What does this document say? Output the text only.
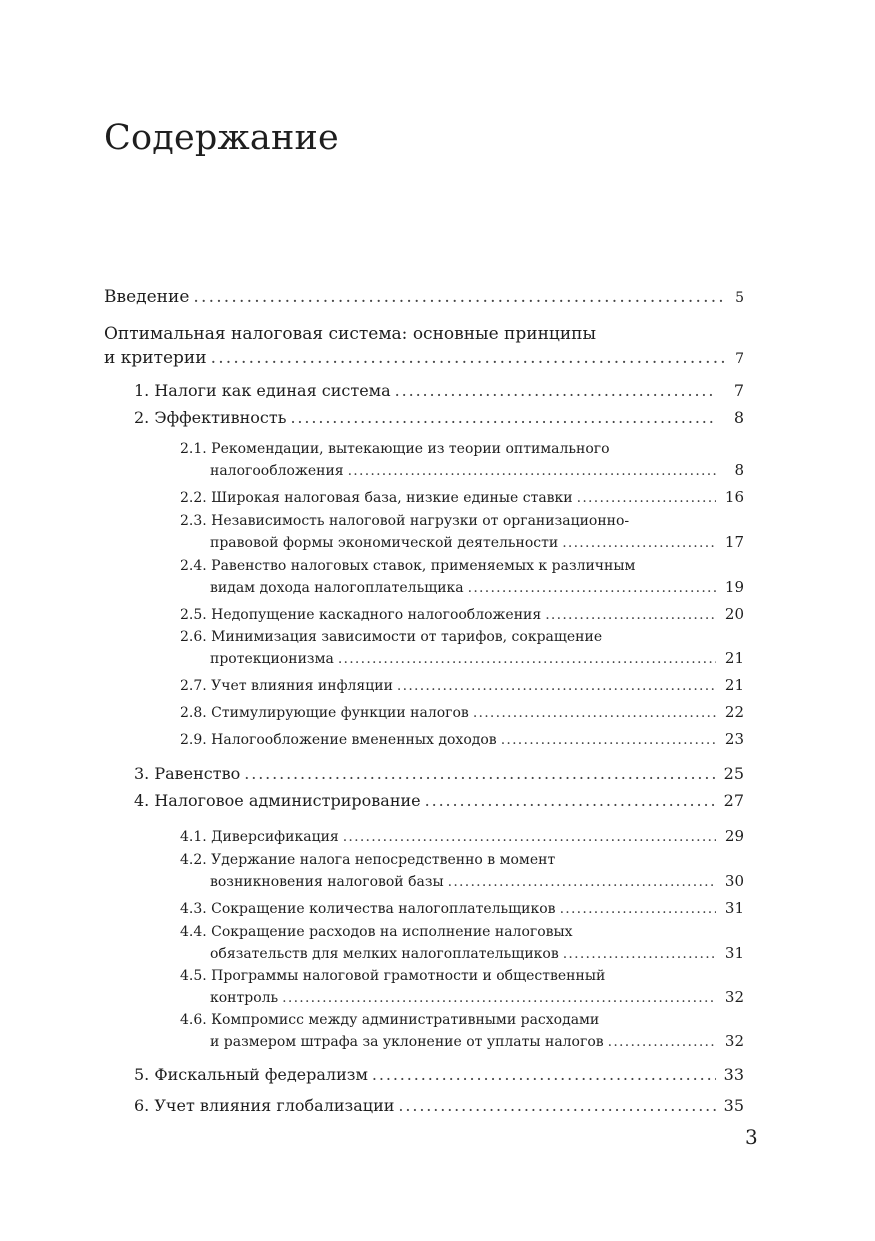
Содержание
Введение . . .	5
Оптимальная налоговая система: основные принципы
и критерии . . .	7
1. Налоги как единая система . . .	7
2. Эффективность . . .	8
2.1. Рекомендации, вытекающие из теории оптимального
налогообложения . . .	8
2.2. Широкая налоговая база, низкие единые ставки . . .	16
2.3. Независимость налоговой нагрузки от организационно-
правовой формы экономической деятельности . . .	17
2.4. Равенство налоговых ставок, применяемых к различным
видам дохода налогоплательщика . . .	19
2.5. Недопущение каскадного налогообложения . . .	20
2.6. Минимизация зависимости от тарифов, сокращение
протекционизма . . .	21
2.7. Учет влияния инфляции . . .	21
2.8. Стимулирующие функции налогов . . .	22
2.9. Налогообложение вмененных доходов . . .	23
3. Равенство . . .	25
4. Налоговое администрирование . . .	27
4.1. Диверсификация . . .	29
4.2. Удержание налога непосредственно в момент
возникновения налоговой базы . . .	30
4.3. Сокращение количества налогоплательщиков . . .	31
4.4. Сокращение расходов на исполнение налоговых
обязательств для мелких налогоплательщиков . . .	31
4.5. Программы налоговой грамотности и общественный
контроль . . .	32
4.6. Компромисс между административными расходами
и размером штрафа за уклонение от уплаты налогов . . .	32
5. Фискальный федерализм . . .	33
6. Учет влияния глобализации . . .	35
3
